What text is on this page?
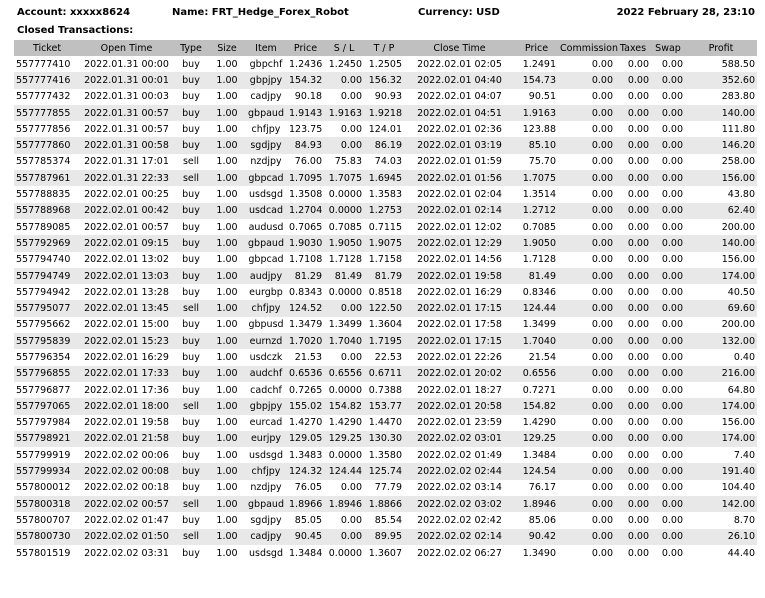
Account: xxxxx8624	Name: FRT_Hedge_Forex_Robot	Currency: USD	2022 February 28, 23:10
Closed Transactions:
Ticket	Open Time	Type	Size	Item	Price	S / L	T / P	Close Time	Price	Commission	Taxes	Swap	Profit
557777410	2022.01.31 00:00	buy	1.00	gbpchf	1.2436	1.2450	1.2505	2022.02.01 02:05	1.2491	0.00	0.00	0.00	588.50
557777416	2022.01.31 00:01	buy	1.00	gbpjpy	154.32	0.00	156.32	2022.02.01 04:40	154.73	0.00	0.00	0.00	352.60
557777432	2022.01.31 00:03	buy	1.00	cadjpy	90.18	0.00	90.93	2022.02.01 04:07	90.51	0.00	0.00	0.00	283.80
557777855	2022.01.31 00:57	buy	1.00	gbpaud	1.9143	1.9163	1.9218	2022.02.01 04:51	1.9163	0.00	0.00	0.00	140.00
557777856	2022.01.31 00:57	buy	1.00	chfjpy	123.75	0.00	124.01	2022.02.01 02:36	123.88	0.00	0.00	0.00	111.80
557777860	2022.01.31 00:58	buy	1.00	sgdjpy	84.93	0.00	86.19	2022.02.01 03:19	85.10	0.00	0.00	0.00	146.20
557785374	2022.01.31 17:01	sell	1.00	nzdjpy	76.00	75.83	74.03	2022.02.01 01:59	75.70	0.00	0.00	0.00	258.00
557787961	2022.01.31 22:33	sell	1.00	gbpcad	1.7095	1.7075	1.6945	2022.02.01 01:56	1.7075	0.00	0.00	0.00	156.00
557788835	2022.02.01 00:25	buy	1.00	usdsgd	1.3508	0.0000	1.3583	2022.02.01 02:04	1.3514	0.00	0.00	0.00	43.80
557788968	2022.02.01 00:42	buy	1.00	usdcad	1.2704	0.0000	1.2753	2022.02.01 02:14	1.2712	0.00	0.00	0.00	62.40
557789085	2022.02.01 00:57	buy	1.00	audusd	0.7065	0.7085	0.7115	2022.02.01 12:02	0.7085	0.00	0.00	0.00	200.00
557792969	2022.02.01 09:15	buy	1.00	gbpaud	1.9030	1.9050	1.9075	2022.02.01 12:29	1.9050	0.00	0.00	0.00	140.00
557794740	2022.02.01 13:02	buy	1.00	gbpcad	1.7108	1.7128	1.7158	2022.02.01 14:56	1.7128	0.00	0.00	0.00	156.00
557794749	2022.02.01 13:03	buy	1.00	audjpy	81.29	81.49	81.79	2022.02.01 19:58	81.49	0.00	0.00	0.00	174.00
557794942	2022.02.01 13:28	buy	1.00	eurgbp	0.8343	0.0000	0.8518	2022.02.01 16:29	0.8346	0.00	0.00	0.00	40.50
557795077	2022.02.01 13:45	sell	1.00	chfjpy	124.52	0.00	122.50	2022.02.01 17:15	124.44	0.00	0.00	0.00	69.60
557795662	2022.02.01 15:00	buy	1.00	gbpusd	1.3479	1.3499	1.3604	2022.02.01 17:58	1.3499	0.00	0.00	0.00	200.00
557795839	2022.02.01 15:23	buy	1.00	eurnzd	1.7020	1.7040	1.7195	2022.02.01 17:15	1.7040	0.00	0.00	0.00	132.00
557796354	2022.02.01 16:29	buy	1.00	usdczk	21.53	0.00	22.53	2022.02.01 22:26	21.54	0.00	0.00	0.00	0.40
557796855	2022.02.01 17:33	buy	1.00	audchf	0.6536	0.6556	0.6711	2022.02.01 20:02	0.6556	0.00	0.00	0.00	216.00
557796877	2022.02.01 17:36	buy	1.00	cadchf	0.7265	0.0000	0.7388	2022.02.01 18:27	0.7271	0.00	0.00	0.00	64.80
557797065	2022.02.01 18:00	sell	1.00	gbpjpy	155.02	154.82	153.77	2022.02.01 20:58	154.82	0.00	0.00	0.00	174.00
557797984	2022.02.01 19:58	buy	1.00	eurcad	1.4270	1.4290	1.4470	2022.02.01 23:59	1.4290	0.00	0.00	0.00	156.00
557798921	2022.02.01 21:58	buy	1.00	eurjpy	129.05	129.25	130.30	2022.02.02 03:01	129.25	0.00	0.00	0.00	174.00
557799919	2022.02.02 00:06	buy	1.00	usdsgd	1.3483	0.0000	1.3580	2022.02.02 01:49	1.3484	0.00	0.00	0.00	7.40
557799934	2022.02.02 00:08	buy	1.00	chfjpy	124.32	124.44	125.74	2022.02.02 02:44	124.54	0.00	0.00	0.00	191.40
557800012	2022.02.02 00:18	buy	1.00	nzdjpy	76.05	0.00	77.79	2022.02.02 03:14	76.17	0.00	0.00	0.00	104.40
557800318	2022.02.02 00:57	sell	1.00	gbpaud	1.8966	1.8946	1.8866	2022.02.02 03:02	1.8946	0.00	0.00	0.00	142.00
557800707	2022.02.02 01:47	buy	1.00	sgdjpy	85.05	0.00	85.54	2022.02.02 02:42	85.06	0.00	0.00	0.00	8.70
557800730	2022.02.02 01:50	sell	1.00	cadjpy	90.45	0.00	89.95	2022.02.02 02:14	90.42	0.00	0.00	0.00	26.10
557801519	2022.02.02 03:31	buy	1.00	usdsgd	1.3484	0.0000	1.3607	2022.02.02 06:27	1.3490	0.00	0.00	0.00	44.40
